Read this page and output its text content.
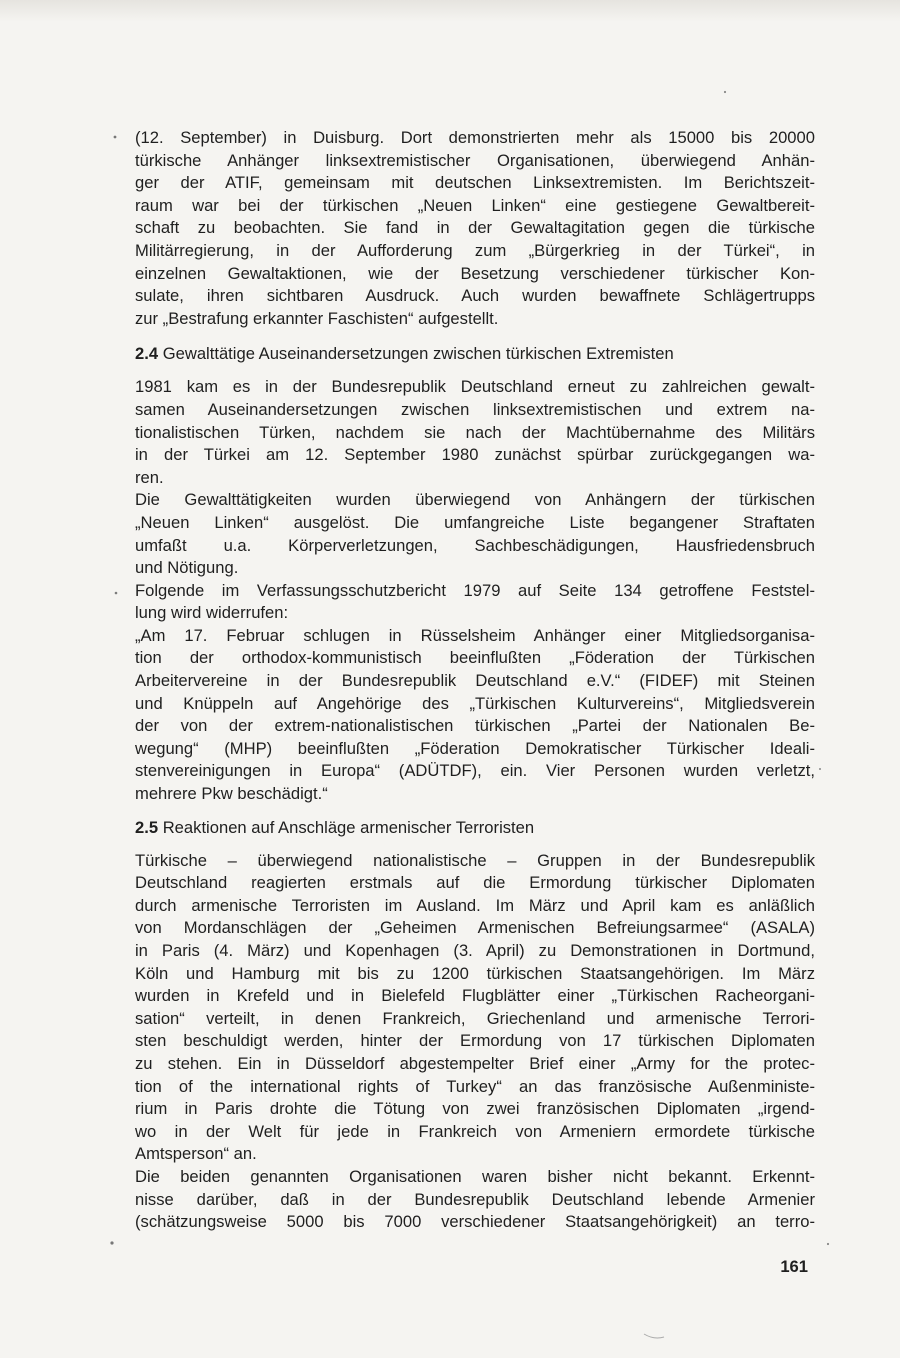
(12. September) in Duisburg. Dort demonstrierten mehr als 15000 bis 20000
türkische Anhänger linksextremistischer Organisationen, überwiegend Anhän-
ger der ATIF, gemeinsam mit deutschen Linksextremisten. Im Berichtszeit-
raum war bei der türkischen „Neuen Linken“ eine gestiegene Gewaltbereit-
schaft zu beobachten. Sie fand in der Gewaltagitation gegen die türkische
Militärregierung, in der Aufforderung zum „Bürgerkrieg in der Türkei“, in
einzelnen Gewaltaktionen, wie der Besetzung verschiedener türkischer Kon-
sulate, ihren sichtbaren Ausdruck. Auch wurden bewaffnete Schlägertrupps
zur „Bestrafung erkannter Faschisten“ aufgestellt.
2.4 Gewalttätige Auseinandersetzungen zwischen türkischen Extremisten
1981 kam es in der Bundesrepublik Deutschland erneut zu zahlreichen gewalt-
samen Auseinandersetzungen zwischen linksextremistischen und extrem na-
tionalistischen Türken, nachdem sie nach der Machtübernahme des Militärs
in der Türkei am 12. September 1980 zunächst spürbar zurückgegangen wa-
ren.
Die Gewalttätigkeiten wurden überwiegend von Anhängern der türkischen
„Neuen Linken“ ausgelöst. Die umfangreiche Liste begangener Straftaten
umfaßt u.a. Körperverletzungen, Sachbeschädigungen, Hausfriedensbruch
und Nötigung.
Folgende im Verfassungsschutzbericht 1979 auf Seite 134 getroffene Feststel-
lung wird widerrufen:
„Am 17. Februar schlugen in Rüsselsheim Anhänger einer Mitgliedsorganisa-
tion der orthodox-kommunistisch beeinflußten „Föderation der Türkischen
Arbeitervereine in der Bundesrepublik Deutschland e.V.“ (FIDEF) mit Steinen
und Knüppeln auf Angehörige des „Türkischen Kulturvereins“, Mitgliedsverein
der von der extrem-nationalistischen türkischen „Partei der Nationalen Be-
wegung“ (MHP) beeinflußten „Föderation Demokratischer Türkischer Ideali-
stenvereinigungen in Europa“ (ADÜTDF), ein. Vier Personen wurden verletzt,
mehrere Pkw beschädigt.“
2.5 Reaktionen auf Anschläge armenischer Terroristen
Türkische – überwiegend nationalistische – Gruppen in der Bundesrepublik
Deutschland reagierten erstmals auf die Ermordung türkischer Diplomaten
durch armenische Terroristen im Ausland. Im März und April kam es anläßlich
von Mordanschlägen der „Geheimen Armenischen Befreiungsarmee“ (ASALA)
in Paris (4. März) und Kopenhagen (3. April) zu Demonstrationen in Dortmund,
Köln und Hamburg mit bis zu 1200 türkischen Staatsangehörigen. Im März
wurden in Krefeld und in Bielefeld Flugblätter einer „Türkischen Racheorgani-
sation“ verteilt, in denen Frankreich, Griechenland und armenische Terrori-
sten beschuldigt werden, hinter der Ermordung von 17 türkischen Diplomaten
zu stehen. Ein in Düsseldorf abgestempelter Brief einer „Army for the protec-
tion of the international rights of Turkey“ an das französische Außenministe-
rium in Paris drohte die Tötung von zwei französischen Diplomaten „irgend-
wo in der Welt für jede in Frankreich von Armeniern ermordete türkische
Amtsperson“ an.
Die beiden genannten Organisationen waren bisher nicht bekannt. Erkennt-
nisse darüber, daß in der Bundesrepublik Deutschland lebende Armenier
(schätzungsweise 5000 bis 7000 verschiedener Staatsangehörigkeit) an terro-
161
